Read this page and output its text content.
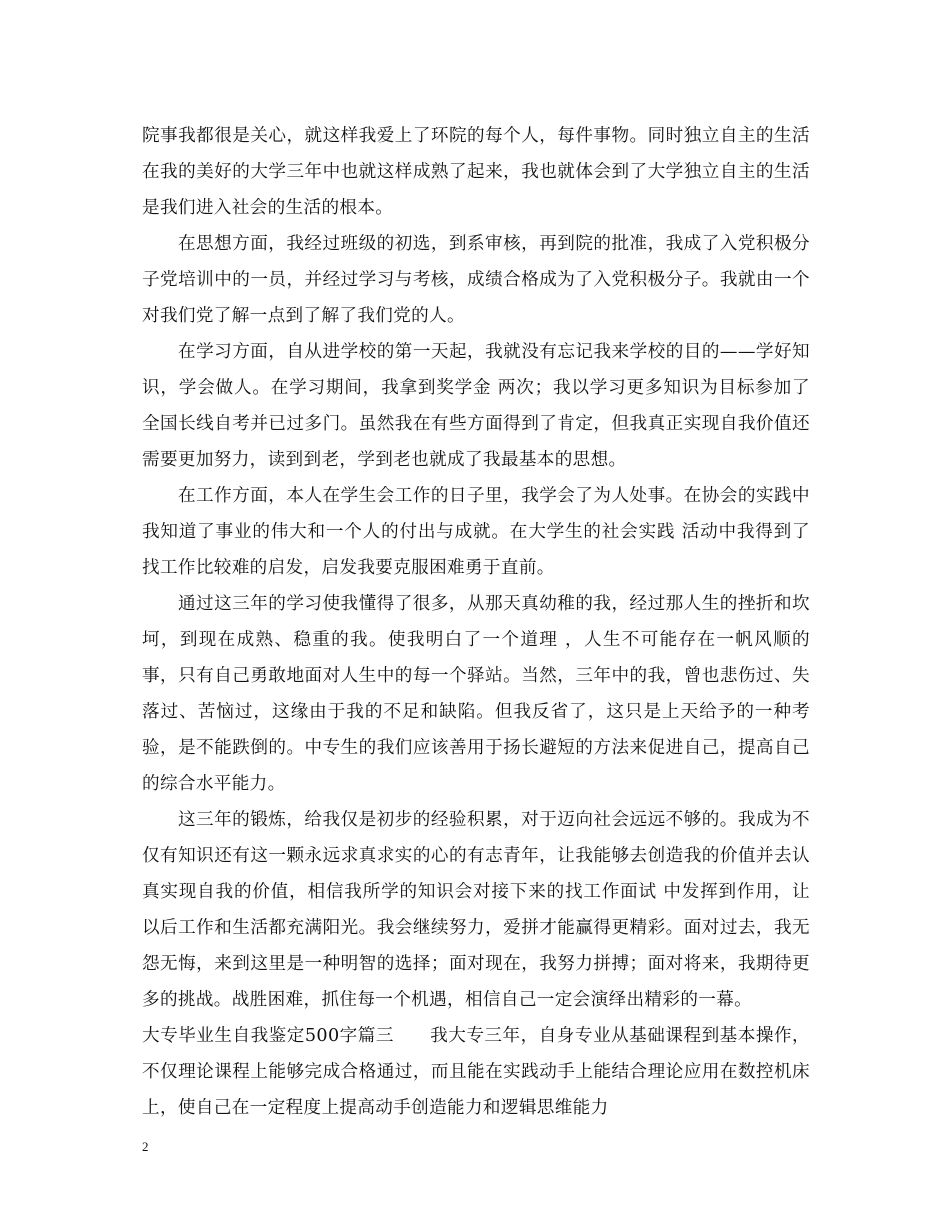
院事我都很是关心，就这样我爱上了环院的每个人，每件事物。同时独立自主的生活在我的美好的大学三年中也就这样成熟了起来，我也就体会到了大学独立自主的生活是我们进入社会的生活的根本。

在思想方面，我经过班级的初选，到系审核，再到院的批准，我成了入党积极分子党培训中的一员，并经过学习与考核，成绩合格成为了入党积极分子。我就由一个对我们党了解一点到了解了我们党的人。

在学习方面，自从进学校的第一天起，我就没有忘记我来学校的目的——学好知识，学会做人。在学习期间，我拿到奖学金 两次；我以学习更多知识为目标参加了全国长线自考并已过多门。虽然我在有些方面得到了肯定，但我真正实现自我价值还需要更加努力，读到到老，学到老也就成了我最基本的思想。

在工作方面，本人在学生会工作的日子里，我学会了为人处事。在协会的实践中我知道了事业的伟大和一个人的付出与成就。在大学生的社会实践 活动中我得到了找工作比较难的启发，启发我要克服困难勇于直前。

通过这三年的学习使我懂得了很多，从那天真幼稚的我，经过那人生的挫折和坎坷，到现在成熟、稳重的我。使我明白了一个道理 ，人生不可能存在一帆风顺的事，只有自己勇敢地面对人生中的每一个驿站。当然，三年中的我，曾也悲伤过、失落过、苦恼过，这缘由于我的不足和缺陷。但我反省了，这只是上天给予的一种考验，是不能跌倒的。中专生的我们应该善用于扬长避短的方法来促进自己，提高自己的综合水平能力。

这三年的锻炼，给我仅是初步的经验积累，对于迈向社会远远不够的。我成为不仅有知识还有这一颗永远求真求实的心的有志青年，让我能够去创造我的价值并去认真实现自我的价值，相信我所学的知识会对接下来的找工作面试 中发挥到作用，让以后工作和生活都充满阳光。我会继续努力，爱拼才能赢得更精彩。面对过去，我无怨无悔，来到这里是一种明智的选择；面对现在，我努力拼搏；面对将来，我期待更多的挑战。战胜困难，抓住每一个机遇，相信自己一定会演绎出精彩的一幕。

大专毕业生自我鉴定500字篇三　　我大专三年，自身专业从基础课程到基本操作，不仅理论课程上能够完成合格通过，而且能在实践动手上能结合理论应用在数控机床上，使自己在一定程度上提高动手创造能力和逻辑思维能力

2
